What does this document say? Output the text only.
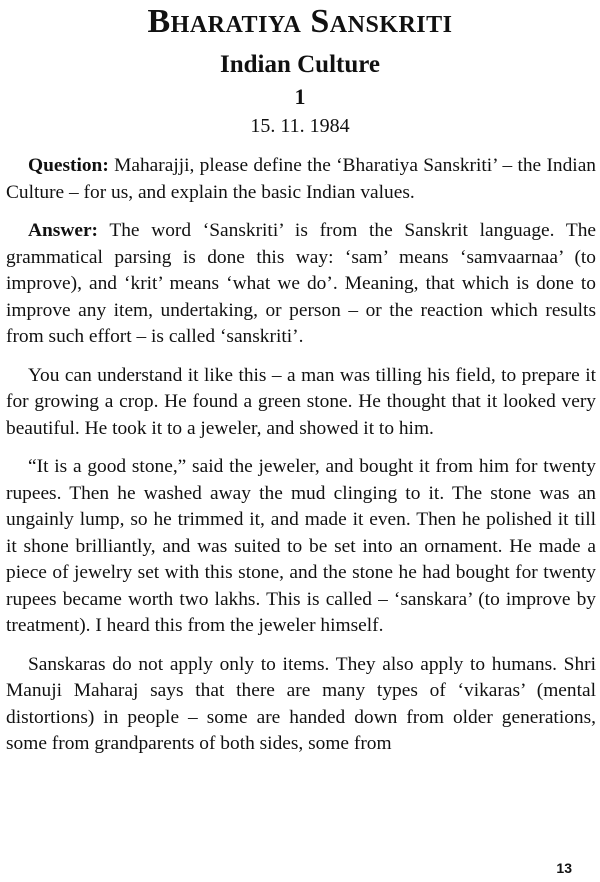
Bharatiya Sanskriti
Indian Culture
1
15. 11. 1984

Question: Maharajji, please define the ‘Bharatiya Sanskriti’ – the Indian Culture – for us, and explain the basic Indian values.

Answer: The word ‘Sanskriti’ is from the Sanskrit language. The grammatical parsing is done this way: ‘sam’ means ‘samvaarnaa’ (to improve), and ‘krit’ means ‘what we do’. Meaning, that which is done to improve any item, undertaking, or person – or the reaction which results from such effort – is called ‘sanskriti’.

You can understand it like this – a man was tilling his field, to prepare it for growing a crop. He found a green stone. He thought that it looked very beautiful. He took it to a jeweler, and showed it to him.

“It is a good stone,” said the jeweler, and bought it from him for twenty rupees. Then he washed away the mud clinging to it. The stone was an ungainly lump, so he trimmed it, and made it even. Then he polished it till it shone brilliantly, and was suited to be set into an ornament. He made a piece of jewelry set with this stone, and the stone he had bought for twenty rupees became worth two lakhs. This is called – ‘sanskara’ (to improve by treatment). I heard this from the jeweler himself.

Sanskaras do not apply only to items. They also apply to humans. Shri Manuji Maharaj says that there are many types of ‘vikaras’ (mental distortions) in people – some are handed down from older generations, some from grandparents of both sides, some from

13
